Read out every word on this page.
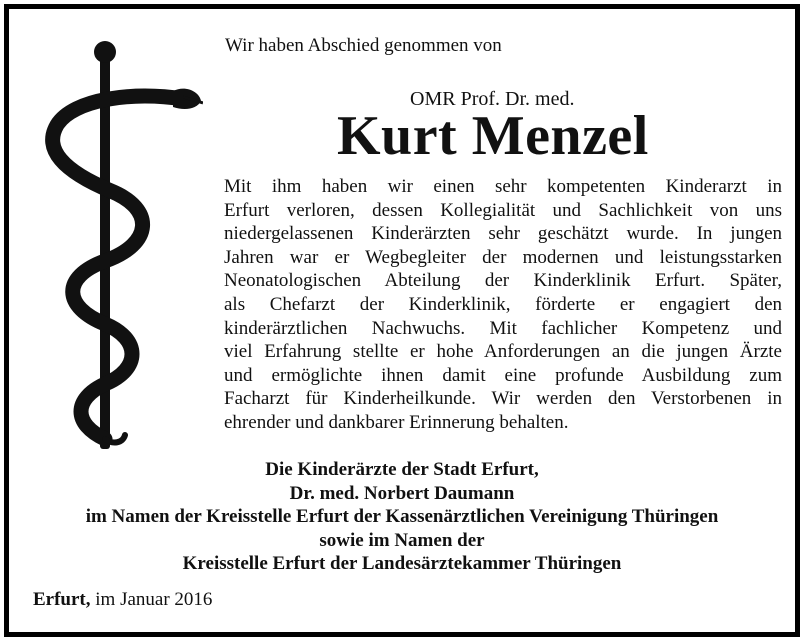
Wir haben Abschied genommen von
OMR Prof. Dr. med.
Kurt Menzel
Mit ihm haben wir einen sehr kompetenten Kinderarzt in
Erfurt verloren, dessen Kollegialität und Sachlichkeit von uns
niedergelassenen Kinderärzten sehr geschätzt wurde. In jungen
Jahren war er Wegbegleiter der modernen und leistungsstarken
Neonatologischen Abteilung der Kinderklinik Erfurt. Später,
als Chefarzt der Kinderklinik, förderte er engagiert den
kinderärztlichen Nachwuchs. Mit fachlicher Kompetenz und
viel Erfahrung stellte er hohe Anforderungen an die jungen Ärzte
und ermöglichte ihnen damit eine profunde Ausbildung zum
Facharzt für Kinderheilkunde. Wir werden den Verstorbenen in
ehrender und dankbarer Erinnerung behalten.
Die Kinderärzte der Stadt Erfurt,
Dr. med. Norbert Daumann
im Namen der Kreisstelle Erfurt der Kassenärztlichen Vereinigung Thüringen
sowie im Namen der
Kreisstelle Erfurt der Landesärztekammer Thüringen
Erfurt, im Januar 2016
